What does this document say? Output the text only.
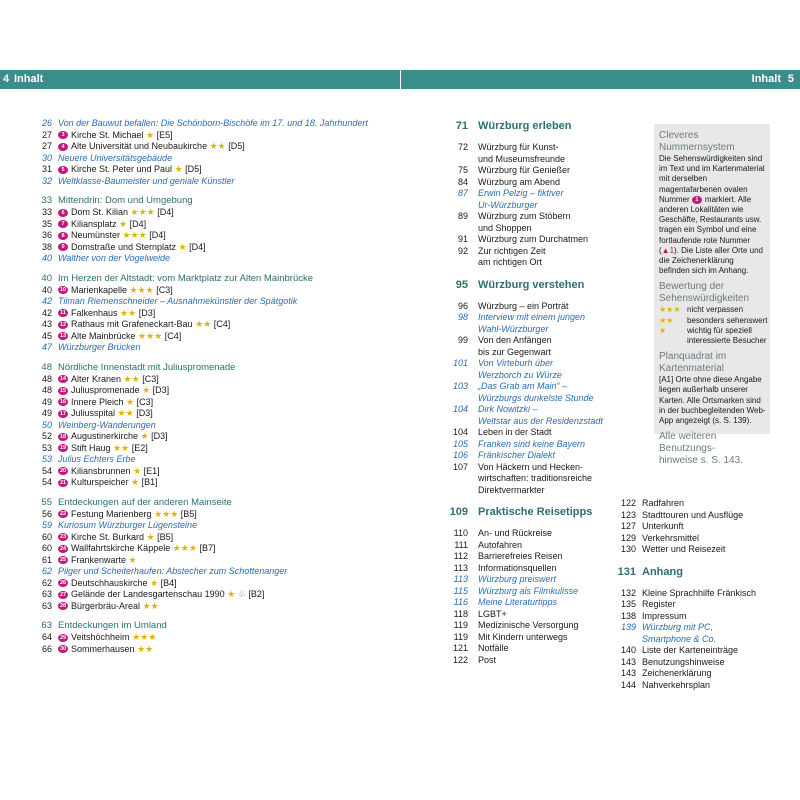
4 Inhalt	Inhalt 5
26 Von der Bauwut befallen: Die Schönborn-Bischöfe im 17. und 18. Jahrhundert
27	3 Kirche St. Michael ★ [E5]
27	4 Alte Universität und Neubaukirche ★★ [D5]
30 Neuere Universitätsgebäude
31	5 Kirche St. Peter und Paul ★ [D5]
32 Weltklasse-Baumeister und geniale Künstler
33 Mittendrin: Dom und Umgebung
33	6 Dom St. Kilian ★★★ [D4]
35	7 Kiliansplatz ★ [D4]
36	8 Neumünster ★★★ [D4]
38	9 Domstraße und Sternplatz ★ [D4]
40 Walther von der Vogelweide
40 Im Herzen der Altstadt: vom Marktplatz zur Alten Mainbrücke
40	10 Marienkapelle ★★★ [C3]
42 Tilman Riemenschneider – Ausnahmekünstler der Spätgotik
42	11 Falkenhaus ★★ [D3]
43	12 Rathaus mit Grafeneckart-Bau ★★ [C4]
45	13 Alte Mainbrücke ★★★ [C4]
47 Würzburger Brücken
48 Nördliche Innenstadt mit Juliuspromenade
48	14 Alter Kranen ★★ [C3]
48	15 Juliuspromenade ★ [D3]
49	16 Innere Pleich ★ [C3]
49	17 Juliusspital ★★ [D3]
50 Weinberg-Wanderungen
52	18 Augustinerkirche ★ [D3]
53	19 Stift Haug ★★ [E2]
53 Julius Echters Erbe
54	20 Kiliansbrunnen ★ [E1]
54	21 Kulturspeicher ★ [B1]
55 Entdeckungen auf der anderen Mainseite
56	22 Festung Marienberg ★★★ [B5]
59 Kuriosum Würzburger Lügensteine
60	23 Kirche St. Burkard ★ [B5]
60	24 Wallfahrtskirche Käppele ★★★ [B7]
61	25 Frankenwarte ★
62 Pilger und Scheiterhaufen: Abstecher zum Schottenanger
62	26 Deutschhauskirche ★ [B4]
63	27 Gelände der Landesgartenschau 1990 ★ ♧ [B2]
63	28 Bürgerbräu-Areal ★★
63 Entdeckungen im Umland
64	29 Veitshöchheim ★★★
66	30 Sommerhausen ★★
71 Würzburg erleben
72 Würzburg für Kunst-
und Museumsfreunde
75 Würzburg für Genießer
84 Würzburg am Abend
87 Erwin Pelzig – fiktiver
Ur-Würzburger
89 Würzburg zum Stöbern
und Shoppen
91 Würzburg zum Durchatmen
92 Zur richtigen Zeit
am richtigen Ort
95 Würzburg verstehen
96 Würzburg – ein Porträt
98 Interview mit einem jungen
Wahl-Würzburger
99 Von den Anfängen
bis zur Gegenwart
101 Von Virteburh über
Werzborch zu Würze
103 „Das Grab am Main“ –
Würzburgs dunkelste Stunde
104 Dirk Nowitzki –
Weltstar aus der Residenzstadt
104 Leben in der Stadt
105 Franken sind keine Bayern
106 Fränkischer Dialekt
107 Von Häckern und Hecken-
wirtschaften: traditionsreiche
Direktvermarkter
109 Praktische Reisetipps
110 An- und Rückreise
111 Autofahren
112 Barrierefreies Reisen
113 Informationsquellen
113 Würzburg preiswert
115 Würzburg als Filmkulisse
116 Meine Literaturtipps
118 LGBT+
119 Medizinische Versorgung
119 Mit Kindern unterwegs
121 Notfälle
122 Post
122 Radfahren
123 Stadttouren und Ausflüge
127 Unterkunft
129 Verkehrsmittel
130 Wetter und Reisezeit
131 Anhang
132 Kleine Sprachhilfe Fränkisch
135 Register
138 Impressum
139 Würzburg mit PC,
Smartphone & Co.
140 Liste der Karteneinträge
143 Benutzungshinweise
143 Zeichenerklärung
144 Nahverkehrsplan
Cleveres Nummernsystem
Die Sehenswürdigkeiten sind im Text und im Kartenmaterial mit derselben magentafarbenen ovalen Nummer 1 markiert. Alle anderen Lokalitäten wie Geschäfte, Restaurants usw. tragen ein Symbol und eine fortlaufende rote Nummer (▲1). Die Liste aller Orte und die Zeichenerklärung befinden sich im Anhang.
Bewertung der
Sehenswürdigkeiten
★★★ nicht verpassen
★★ besonders sehenswert
★	wichtig für speziell
interessierte Besucher
Planquadrat im Kartenmaterial
[A1] Orte ohne diese Angabe liegen außerhalb unserer Karten. Alle Ortsmarken sind in der buchbegleitenden Web-App angezeigt (s. S. 139).
Alle weiteren Benutzungs-
hinweise s. S. 143.
